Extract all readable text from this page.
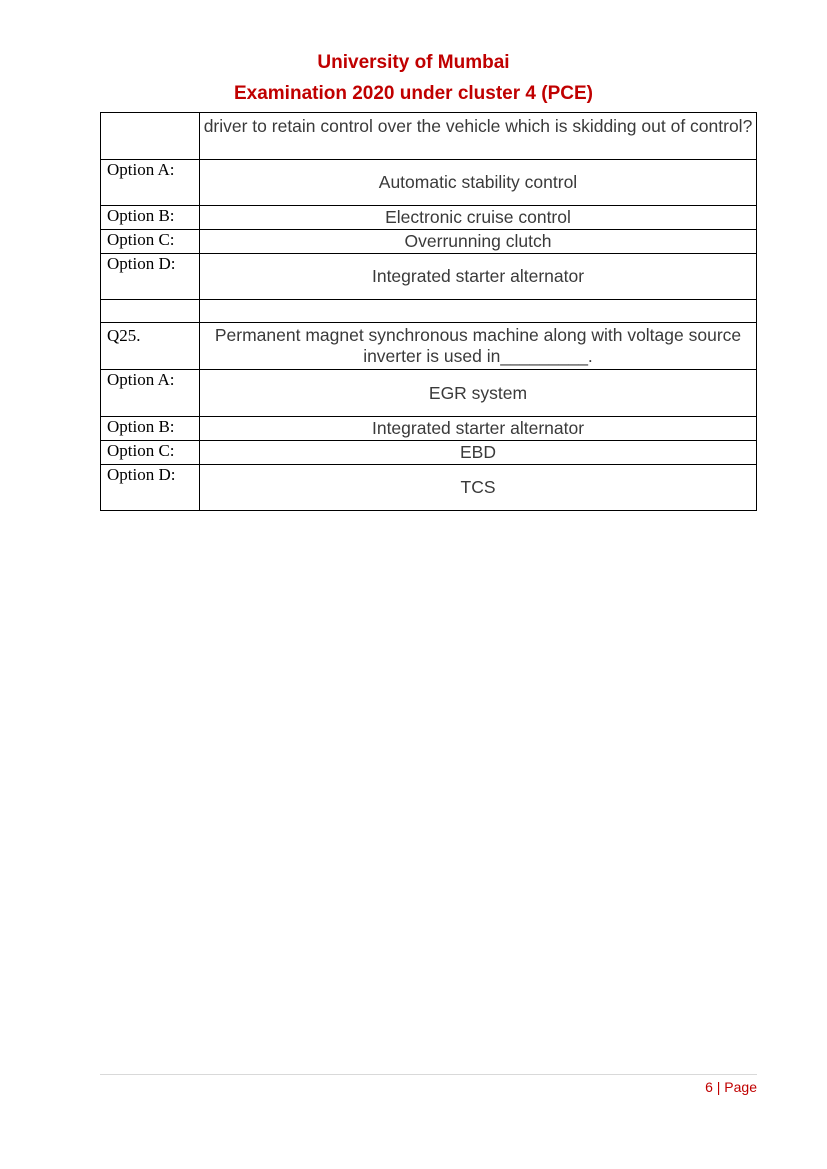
University of Mumbai
Examination 2020 under cluster 4 (PCE)
	driver to retain control over the vehicle which is skidding out of control?
Option A:	Automatic stability control
Option B:	Electronic cruise control
Option C:	Overrunning clutch
Option D:	Integrated starter alternator

Q25.	Permanent magnet synchronous machine along with voltage source inverter is used in_________.
Option A:	EGR system
Option B:	Integrated starter alternator
Option C:	EBD
Option D:	TCS
6 | Page
